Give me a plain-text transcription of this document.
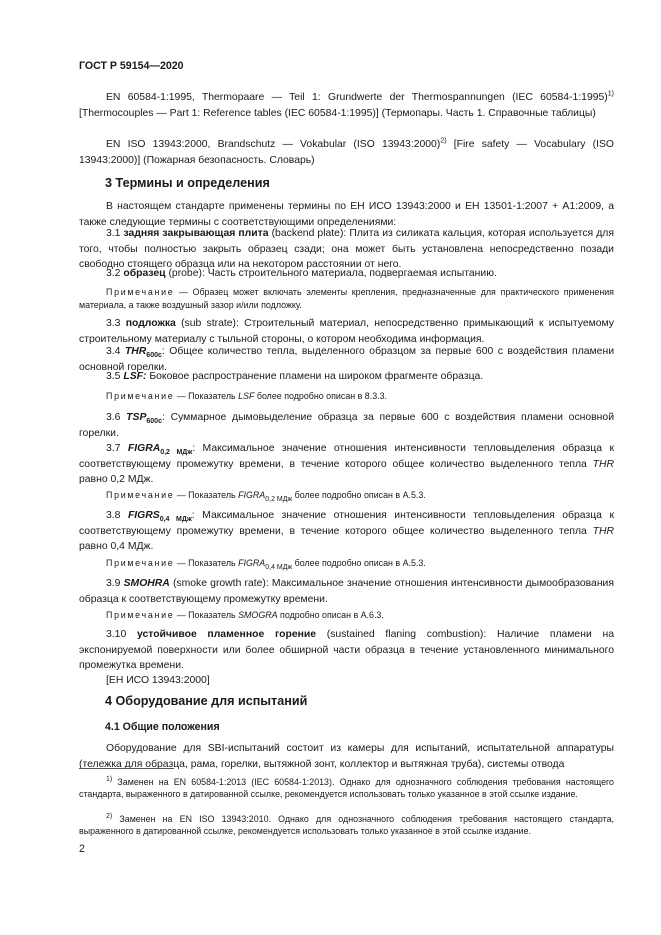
ГОСТ Р 59154—2020
EN 60584-1:1995, Thermopaare — Teil 1: Grundwerte der Thermospannungen (IEC 60584-1:1995)$^{1)}$ [Thermocouples — Part 1: Reference tables (IEC 60584-1:1995)] (Термопары. Часть 1. Справочные таблицы)
EN ISO 13943:2000, Brandschutz — Vokabular (ISO 13943:2000)$^{2)}$ [Fire safety — Vocabulary (ISO 13943:2000)] (Пожарная безопасность. Словарь)
3 Термины и определения
В настоящем стандарте применены термины по ЕН ИСО 13943:2000 и ЕН 13501-1:2007 + А1:2009, а также следующие термины с соответствующими определениями:
3.1 задняя закрывающая плита (backend plate): Плита из силиката кальция, которая используется для того, чтобы полностью закрыть образец сзади; она может быть установлена непосредственно позади свободно стоящего образца или на некотором расстоянии от него.
3.2 образец (probe): Часть строительного материала, подвергаемая испытанию.
Примечание — Образец может включать элементы крепления, предназначенные для практического применения материала, а также воздушный зазор и/или подложку.
3.3 подложка (sub strate): Строительный материал, непосредственно примыкающий к испытуемому строительному материалу с тыльной стороны, о котором необходима информация.
3.4 $THR_{600c}$: Общее количество тепла, выделенного образцом за первые 600 с воздействия пламени основной горелки.
3.5 LSF: Боковое распространение пламени на широком фрагменте образца.
Примечание — Показатель LSF более подробно описан в 8.3.3.
3.6 $TSP_{600c}$: Суммарное дымовыделение образца за первые 600 с воздействия пламени основной горелки.
3.7 $FIGRA_{0,2 МДж}$: Максимальное значение отношения интенсивности тепловыделения образца к соответствующему промежутку времени, в течение которого общее количество выделенного тепла THR равно 0,2 МДж.
Примечание — Показатель $FIGRA_{0,2 МДж}$ более подробно описан в А.5.3.
3.8 $FIGRS_{0,4 МДж}$: Максимальное значение отношения интенсивности тепловыделения образца к соответствующему промежутку времени, в течение которого общее количество выделенного тепла THR равно 0,4 МДж.
Примечание — Показатель $FIGRA_{0,4 МДж}$ более подробно описан в А.5.3.
3.9 SMOHRA (smoke growth rate): Максимальное значение отношения интенсивности дымообразования образца к соответствующему промежутку времени.
Примечание — Показатель SMOGRA подробно описан в А.6.3.
3.10 устойчивое пламенное горение (sustained flaning combustion): Наличие пламени на экспонируемой поверхности или более обширной части образца в течение установленного минимального промежутка времени.
[ЕН ИСО 13943:2000]
4 Оборудование для испытаний
4.1 Общие положения
Оборудование для SBI-испытаний состоит из камеры для испытаний, испытательной аппаратуры (тележка для образца, рама, горелки, вытяжной зонт, коллектор и вытяжная труба), системы отвода
$^{1)}$ Заменен на EN 60584-1:2013 (IEC 60584-1:2013). Однако для однозначного соблюдения требования настоящего стандарта, выраженного в датированной ссылке, рекомендуется использовать только указанное в этой ссылке издание.
$^{2)}$ Заменен на EN ISO 13943:2010. Однако для однозначного соблюдения требования настоящего стандарта, выраженного в датированной ссылке, рекомендуется использовать только указанное в этой ссылке издание.
2
